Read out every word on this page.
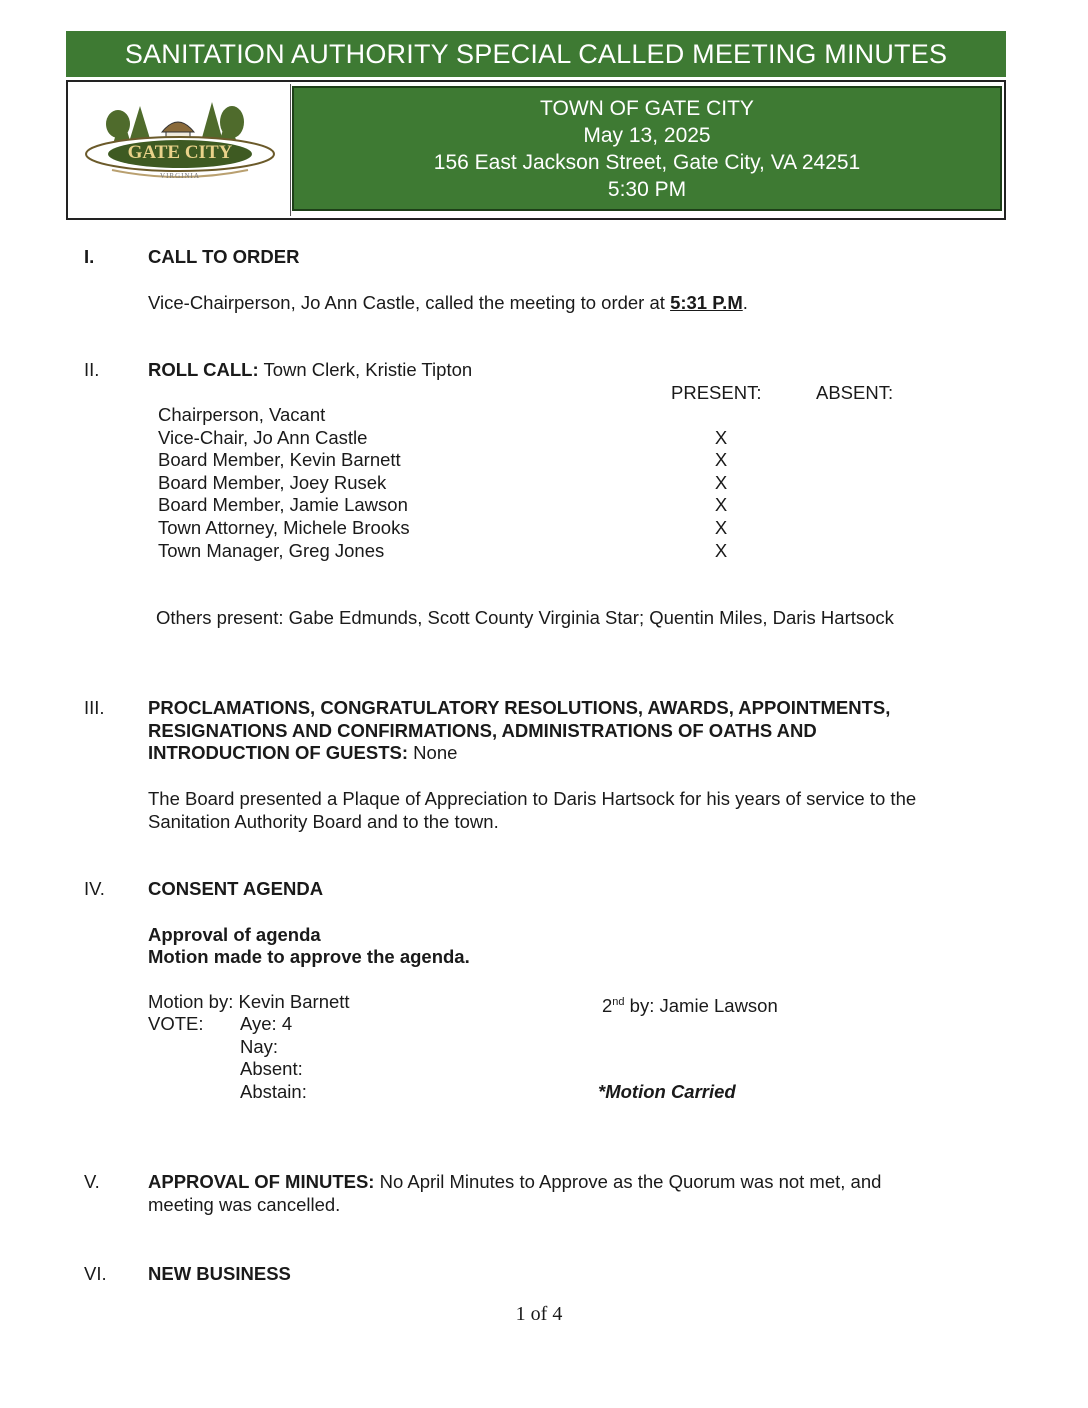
SANITATION AUTHORITY SPECIAL CALLED MEETING MINUTES
GATE CITY
VIRGINIA
TOWN OF GATE CITY
May 13, 2025
156 East Jackson Street, Gate City, VA 24251
5:30 PM
I.	CALL TO ORDER
Vice-Chairperson, Jo Ann Castle, called the meeting to order at 5:31 P.M.
II.	ROLL CALL: Town Clerk, Kristie Tipton
PRESENT:	ABSENT:
Chairperson, Vacant
Vice-Chair, Jo Ann Castle	X
Board Member, Kevin Barnett	X
Board Member, Joey Rusek	X
Board Member, Jamie Lawson	X
Town Attorney, Michele Brooks	X
Town Manager, Greg Jones	X
Others present: Gabe Edmunds, Scott County Virginia Star; Quentin Miles, Daris Hartsock
III. PROCLAMATIONS, CONGRATULATORY RESOLUTIONS, AWARDS, APPOINTMENTS,
RESIGNATIONS AND CONFIRMATIONS, ADMINISTRATIONS OF OATHS AND
INTRODUCTION OF GUESTS: None
The Board presented a Plaque of Appreciation to Daris Hartsock for his years of service to the
Sanitation Authority Board and to the town.
IV. CONSENT AGENDA
Approval of agenda
Motion made to approve the agenda.
Motion by: Kevin Barnett	2nd by: Jamie Lawson
VOTE: Aye: 4
Nay:
Absent:
Abstain:	*Motion Carried
V.	APPROVAL OF MINUTES: No April Minutes to Approve as the Quorum was not met, and
meeting was cancelled.
VI. NEW BUSINESS
1 of 4
